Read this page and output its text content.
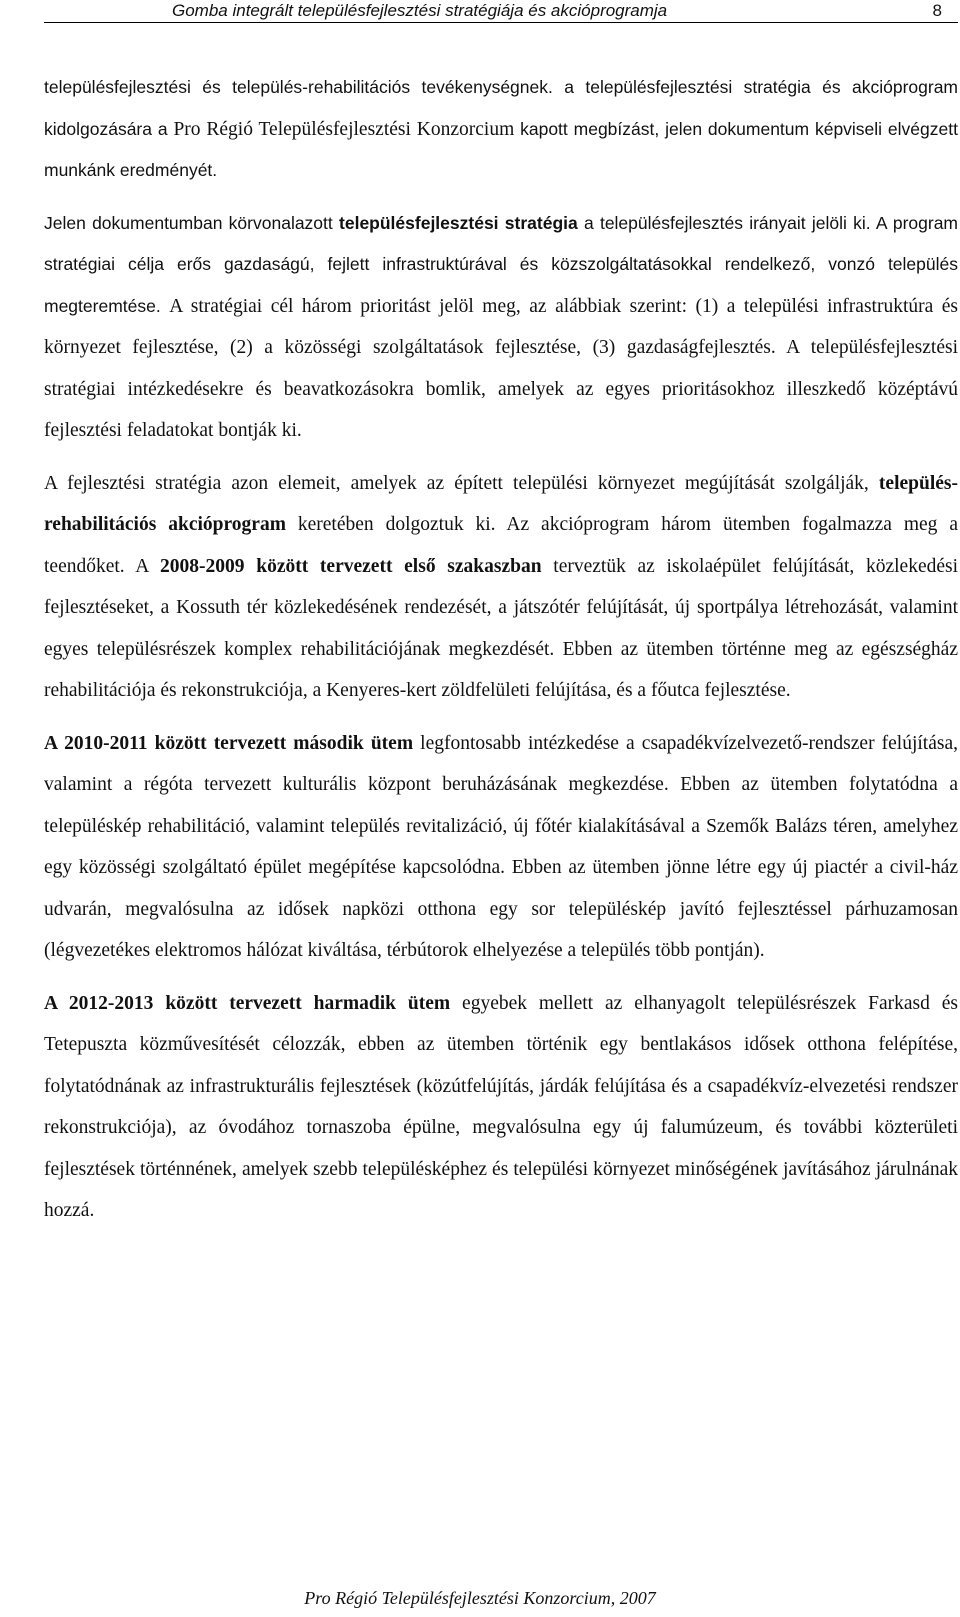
Gomba integrált településfejlesztési stratégiája és akcióprogramja	8

településfejlesztési és település-rehabilitációs tevékenységnek. a településfejlesztési stratégia és akcióprogram kidolgozására a Pro Régió Településfejlesztési Konzorcium kapott megbízást, jelen dokumentum képviseli elvégzett munkánk eredményét.

Jelen dokumentumban körvonalazott településfejlesztési stratégia a településfejlesztés irányait jelöli ki. A program stratégiai célja erős gazdaságú, fejlett infrastruktúrával és közszolgáltatásokkal rendelkező, vonzó település megteremtése. A stratégiai cél három prioritást jelöl meg, az alábbiak szerint: (1) a települési infrastruktúra és környezet fejlesztése, (2) a közösségi szolgáltatások fejlesztése, (3) gazdaságfejlesztés. A településfejlesztési stratégiai intézkedésekre és beavatkozásokra bomlik, amelyek az egyes prioritásokhoz illeszkedő középtávú fejlesztési feladatokat bontják ki.

A fejlesztési stratégia azon elemeit, amelyek az épített települési környezet megújítását szolgálják, település-rehabilitációs akcióprogram keretében dolgoztuk ki. Az akcióprogram három ütemben fogalmazza meg a teendőket. A 2008-2009 között tervezett első szakaszban terveztük az iskolaépület felújítását, közlekedési fejlesztéseket, a Kossuth tér közlekedésének rendezését, a játszótér felújítását, új sportpálya létrehozását, valamint egyes településrészek komplex rehabilitációjának megkezdését. Ebben az ütemben történne meg az egészségház rehabilitációja és rekonstrukciója, a Kenyeres-kert zöldfelületi felújítása, és a főutca fejlesztése.

A 2010-2011 között tervezett második ütem legfontosabb intézkedése a csapadékvízelvezető-rendszer felújítása, valamint a régóta tervezett kulturális központ beruházásának megkezdése. Ebben az ütemben folytatódna a településkép rehabilitáció, valamint település revitalizáció, új főtér kialakításával a Szemők Balázs téren, amelyhez egy közösségi szolgáltató épület megépítése kapcsolódna. Ebben az ütemben jönne létre egy új piactér a civil-ház udvarán, megvalósulna az idősek napközi otthona egy sor településkép javító fejlesztéssel párhuzamosan (légvezetékes elektromos hálózat kiváltása, térbútorok elhelyezése a település több pontján).

A 2012-2013 között tervezett harmadik ütem egyebek mellett az elhanyagolt településrészek Farkasd és Tetepuszta közművesítését célozzák, ebben az ütemben történik egy bentlakásos idősek otthona felépítése, folytatódnának az infrastrukturális fejlesztések (közútfelújítás, járdák felújítása és a csapadékvíz-elvezetési rendszer rekonstrukciója), az óvodához tornaszoba épülne, megvalósulna egy új falumúzeum, és további közterületi fejlesztések történnének, amelyek szebb településképhez és települési környezet minőségének javításához járulnának hozzá.

Pro Régió Településfejlesztési Konzorcium, 2007
